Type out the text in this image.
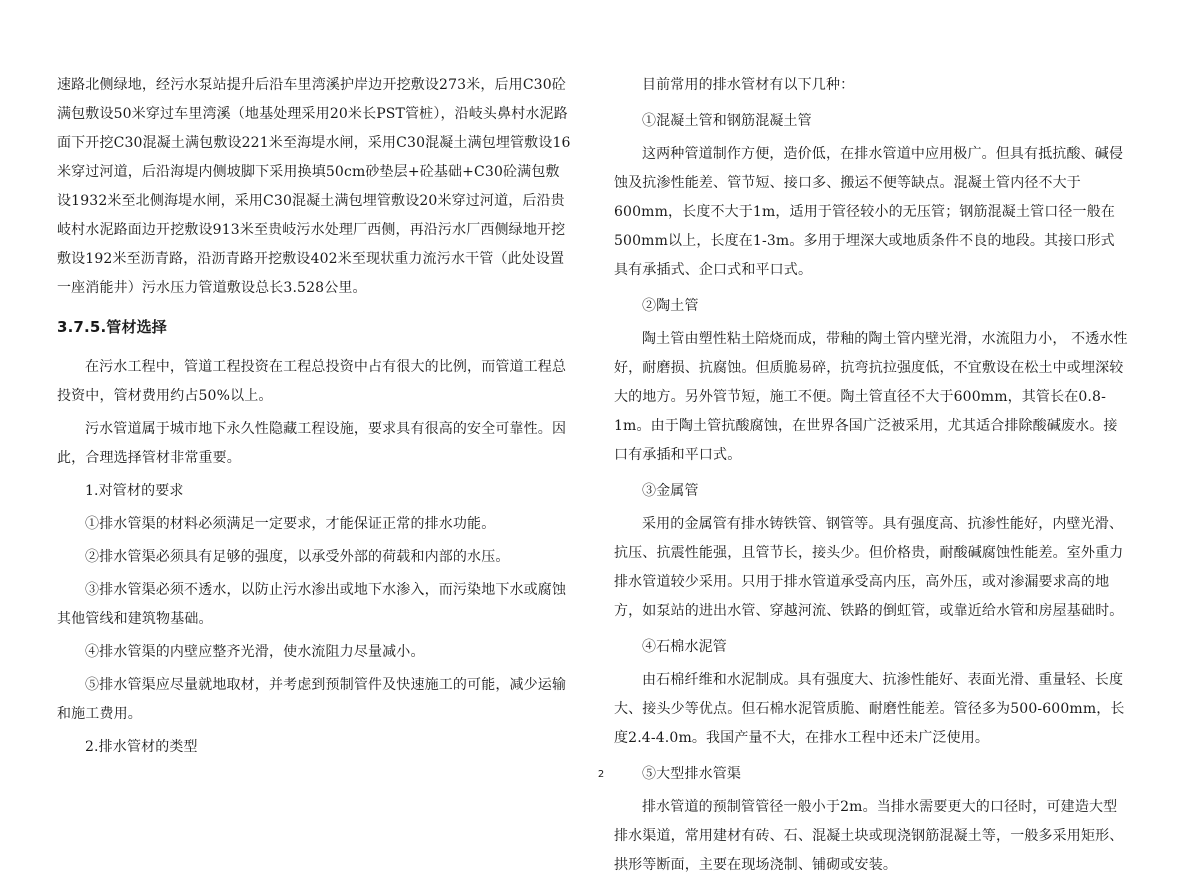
速路北侧绿地，经污水泵站提升后沿车里湾溪护岸边开挖敷设273米，后用C30砼满包敷设50米穿过车里湾溪（地基处理采用20米长PST管桩），沿岐头鼻村水泥路面下开挖C30混凝土满包敷设221米至海堤水闸，采用C30混凝土满包埋管敷设16米穿过河道，后沿海堤内侧坡脚下采用换填50cm砂垫层+砼基础+C30砼满包敷设1932米至北侧海堤水闸，采用C30混凝土满包埋管敷设20米穿过河道，后沿贵岐村水泥路面边开挖敷设913米至贵岐污水处理厂西侧，再沿污水厂西侧绿地开挖敷设192米至沥青路，沿沥青路开挖敷设402米至现状重力流污水干管（此处设置一座消能井）污水压力管道敷设总长3.528公里。

3.7.5.管材选择

在污水工程中，管道工程投资在工程总投资中占有很大的比例，而管道工程总投资中，管材费用约占50%以上。

污水管道属于城市地下永久性隐藏工程设施，要求具有很高的安全可靠性。因此，合理选择管材非常重要。

1.对管材的要求

①排水管渠的材料必须满足一定要求，才能保证正常的排水功能。

②排水管渠必须具有足够的强度，以承受外部的荷载和内部的水压。

③排水管渠必须不透水，以防止污水渗出或地下水渗入，而污染地下水或腐蚀其他管线和建筑物基础。

④排水管渠的内壁应整齐光滑，使水流阻力尽量减小。

⑤排水管渠应尽量就地取材，并考虑到预制管件及快速施工的可能，减少运输和施工费用。

2.排水管材的类型

目前常用的排水管材有以下几种：

①混凝土管和钢筋混凝土管

这两种管道制作方便，造价低，在排水管道中应用极广。但具有抵抗酸、碱侵蚀及抗渗性能差、管节短、接口多、搬运不便等缺点。混凝土管内径不大于600mm，长度不大于1m，适用于管径较小的无压管；钢筋混凝土管口径一般在500mm以上，长度在1-3m。多用于埋深大或地质条件不良的地段。其接口形式具有承插式、企口式和平口式。

②陶土管

陶土管由塑性粘土陪烧而成，带釉的陶土管内壁光滑，水流阻力小， 不透水性好，耐磨损、抗腐蚀。但质脆易碎，抗弯抗拉强度低，不宜敷设在松土中或埋深较大的地方。另外管节短，施工不便。陶土管直径不大于600mm，其管长在0.8-1m。由于陶土管抗酸腐蚀，在世界各国广泛被采用，尤其适合排除酸碱废水。接口有承插和平口式。

③金属管

采用的金属管有排水铸铁管、钢管等。具有强度高、抗渗性能好，内壁光滑、抗压、抗震性能强，且管节长，接头少。但价格贵，耐酸碱腐蚀性能差。室外重力排水管道较少采用。只用于排水管道承受高内压，高外压，或对渗漏要求高的地方，如泵站的进出水管、穿越河流、铁路的倒虹管，或靠近给水管和房屋基础时。

④石棉水泥管

由石棉纤维和水泥制成。具有强度大、抗渗性能好、表面光滑、重量轻、长度大、接头少等优点。但石棉水泥管质脆、耐磨性能差。管径多为500-600mm，长度2.4-4.0m。我国产量不大，在排水工程中还未广泛使用。

⑤大型排水管渠

排水管道的预制管管径一般小于2m。当排水需要更大的口径时，可建造大型排水渠道，常用建材有砖、石、混凝土块或现浇钢筋混凝土等，一般多采用矩形、拱形等断面，主要在现场浇制、铺砌或安装。

2
